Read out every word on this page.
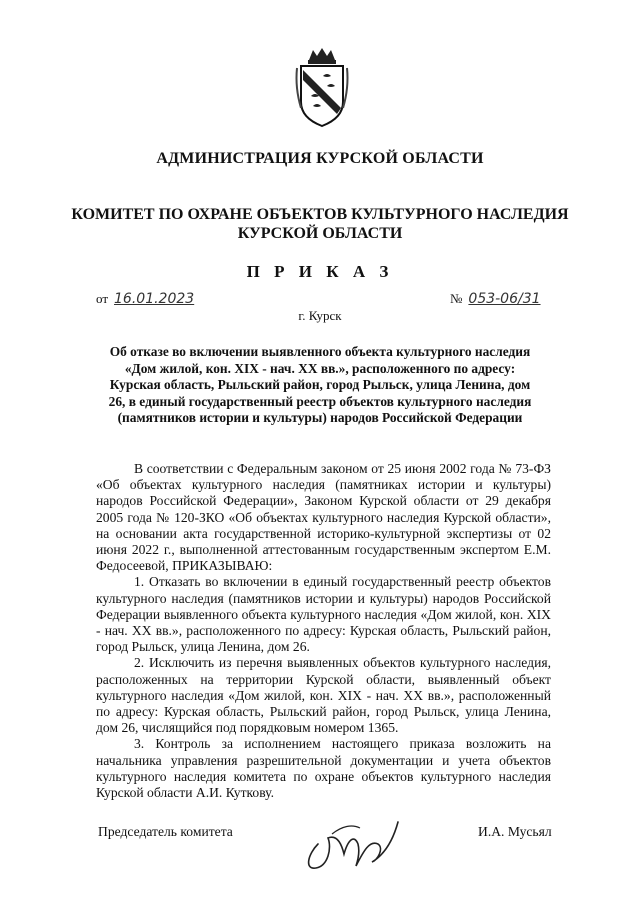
АДМИНИСТРАЦИЯ КУРСКОЙ ОБЛАСТИ
КОМИТЕТ ПО ОХРАНЕ ОБЪЕКТОВ КУЛЬТУРНОГО НАСЛЕДИЯ
КУРСКОЙ ОБЛАСТИ
П Р И К А З
от 16.01.2023	№ 053-06/31
г. Курск
Об отказе во включении выявленного объекта культурного наследия «Дом жилой, кон. XIX - нач. XX вв.», расположенного по адресу: Курская область, Рыльский район, город Рыльск, улица Ленина, дом 26, в единый государственный реестр объектов культурного наследия (памятников истории и культуры) народов Российской Федерации

В соответствии с Федеральным законом от 25 июня 2002 года № 73-ФЗ «Об объектах культурного наследия (памятниках истории и культуры) народов Российской Федерации», Законом Курской области от 29 декабря 2005 года № 120-ЗКО «Об объектах культурного наследия Курской области», на основании акта государственной историко-культурной экспертизы от 02 июня 2022 г., выполненной аттестованным государственным экспертом Е.М. Федосеевой, ПРИКАЗЫВАЮ:

1. Отказать во включении в единый государственный реестр объектов культурного наследия (памятников истории и культуры) народов Российской Федерации выявленного объекта культурного наследия «Дом жилой, кон. XIX - нач. XX вв.», расположенного по адресу: Курская область, Рыльский район, город Рыльск, улица Ленина, дом 26.

2. Исключить из перечня выявленных объектов культурного наследия, расположенных на территории Курской области, выявленный объект культурного наследия «Дом жилой, кон. XIX - нач. XX вв.», расположенный по адресу: Курская область, Рыльский район, город Рыльск, улица Ленина, дом 26, числящийся под порядковым номером 1365.

3. Контроль за исполнением настоящего приказа возложить на начальника управления разрешительной документации и учета объектов культурного наследия комитета по охране объектов культурного наследия Курской области А.И. Куткову.

Председатель комитета	И.А. Мусьял
